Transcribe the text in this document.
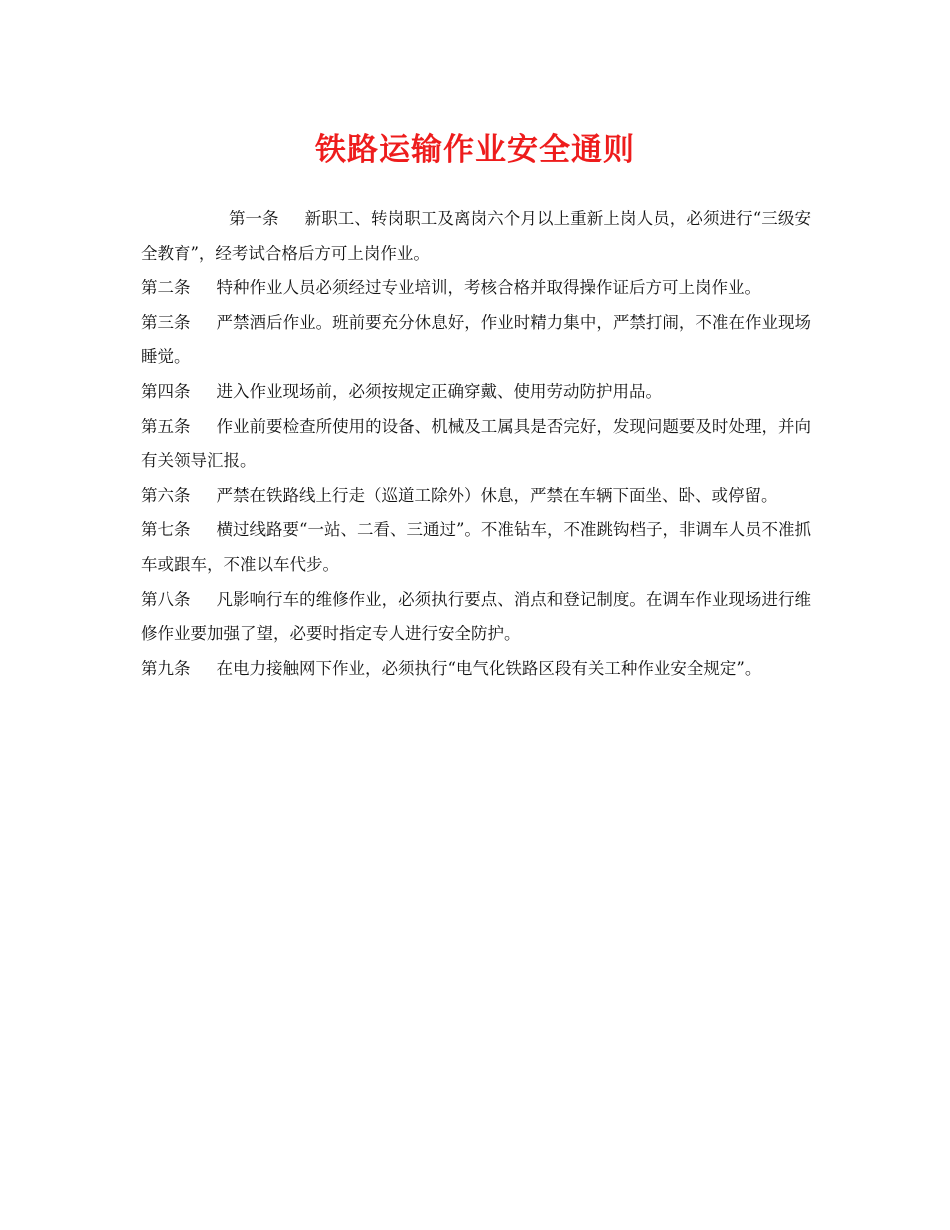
铁路运输作业安全通则

第一条 新职工、转岗职工及离岗六个月以上重新上岗人员，必须进行“三级安全教育”，经考试合格后方可上岗作业。

第二条 特种作业人员必须经过专业培训，考核合格并取得操作证后方可上岗作业。

第三条 严禁酒后作业。班前要充分休息好，作业时精力集中，严禁打闹，不准在作业现场睡觉。

第四条 进入作业现场前，必须按规定正确穿戴、使用劳动防护用品。

第五条 作业前要检查所使用的设备、机械及工属具是否完好，发现问题要及时处理，并向有关领导汇报。

第六条 严禁在铁路线上行走（巡道工除外）休息，严禁在车辆下面坐、卧、或停留。

第七条 横过线路要“一站、二看、三通过”。不准钻车，不准跳钩档子，非调车人员不准抓车或跟车，不准以车代步。

第八条 凡影响行车的维修作业，必须执行要点、消点和登记制度。在调车作业现场进行维修作业要加强了望，必要时指定专人进行安全防护。

第九条 在电力接触网下作业，必须执行“电气化铁路区段有关工种作业安全规定”。
